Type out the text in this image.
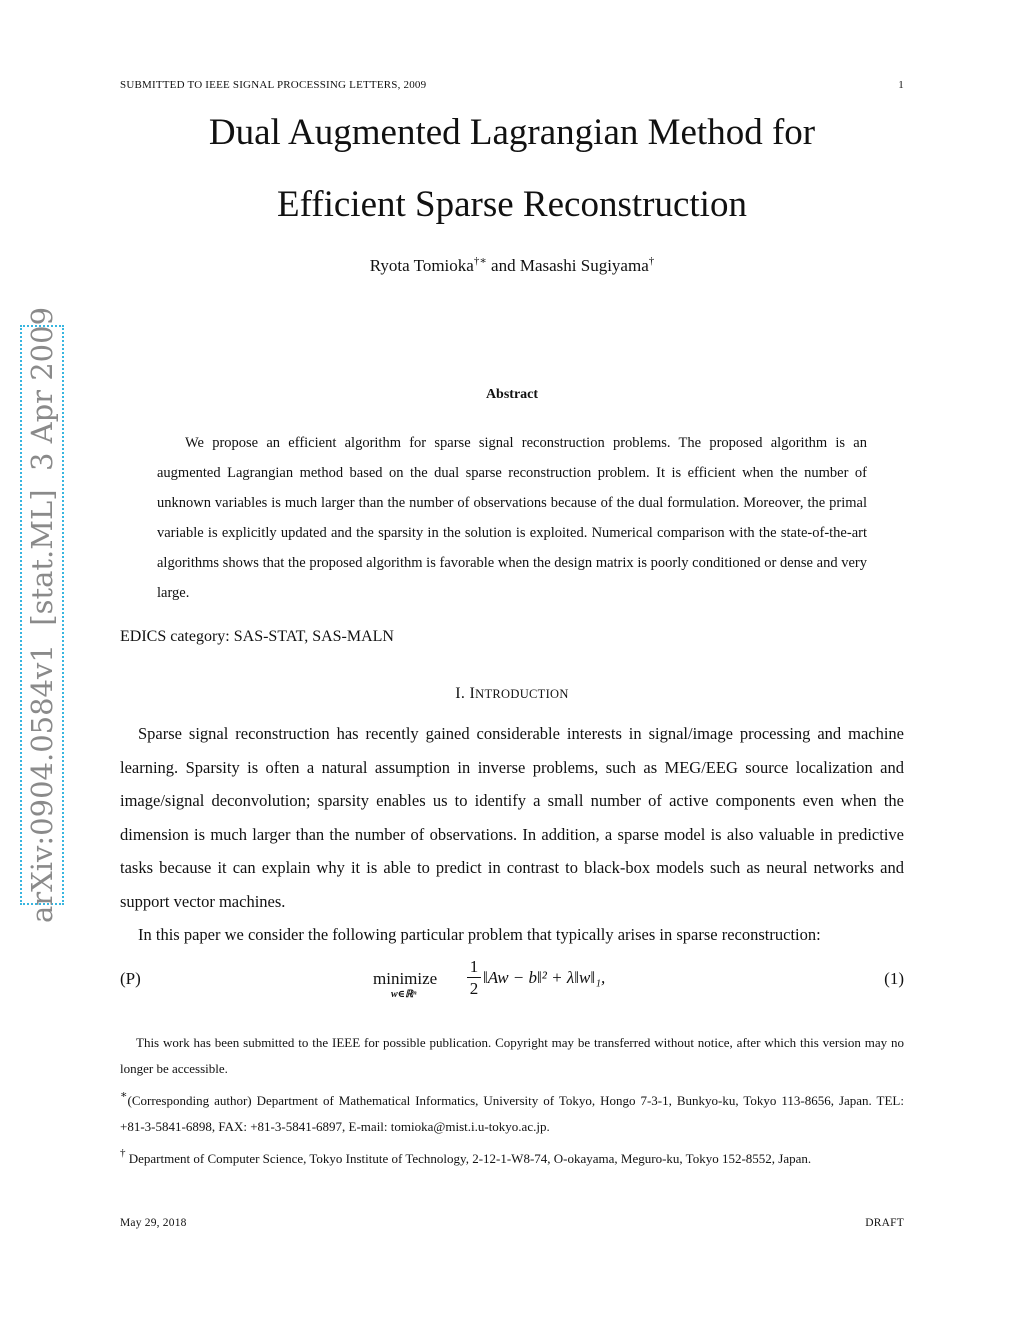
SUBMITTED TO IEEE SIGNAL PROCESSING LETTERS, 2009	1
Dual Augmented Lagrangian Method for
Efficient Sparse Reconstruction
Ryota Tomioka†∗ and Masashi Sugiyama†
arXiv:0904.0584v1  [stat.ML]  3 Apr 2009	Abstract

We propose an efficient algorithm for sparse signal reconstruction problems. The proposed algorithm is an augmented Lagrangian method based on the dual sparse reconstruction problem. It is efficient when the number of unknown variables is much larger than the number of observations because of the dual formulation. Moreover, the primal variable is explicitly updated and the sparsity in the solution is exploited. Numerical comparison with the state-of-the-art algorithms shows that the proposed algorithm is favorable when the design matrix is poorly conditioned or dense and very large.

EDICS category: SAS-STAT, SAS-MALN
I. INTRODUCTION

Sparse signal reconstruction has recently gained considerable interests in signal/image processing and machine learning. Sparsity is often a natural assumption in inverse problems, such as MEG/EEG source localization and image/signal deconvolution; sparsity enables us to identify a small number of active components even when the dimension is much larger than the number of observations. In addition, a sparse model is also valuable in predictive tasks because it can explain why it is able to predict in contrast to black-box models such as neural networks and support vector machines.

In this paper we consider the following particular problem that typically arises in sparse reconstruction:

(P)	minimize
w∈ℝⁿ
1
2
‖Aw − b‖² + λ‖w‖₁,	(1)

This work has been submitted to the IEEE for possible publication. Copyright may be transferred without notice, after which this version may no longer be accessible.

∗(Corresponding author) Department of Mathematical Informatics, University of Tokyo, Hongo 7-3-1, Bunkyo-ku, Tokyo 113-8656, Japan. TEL: +81-3-5841-6898, FAX: +81-3-5841-6897, E-mail: tomioka@mist.i.u-tokyo.ac.jp.

† Department of Computer Science, Tokyo Institute of Technology, 2-12-1-W8-74, O-okayama, Meguro-ku, Tokyo 152-8552, Japan.

May 29, 2018	DRAFT
